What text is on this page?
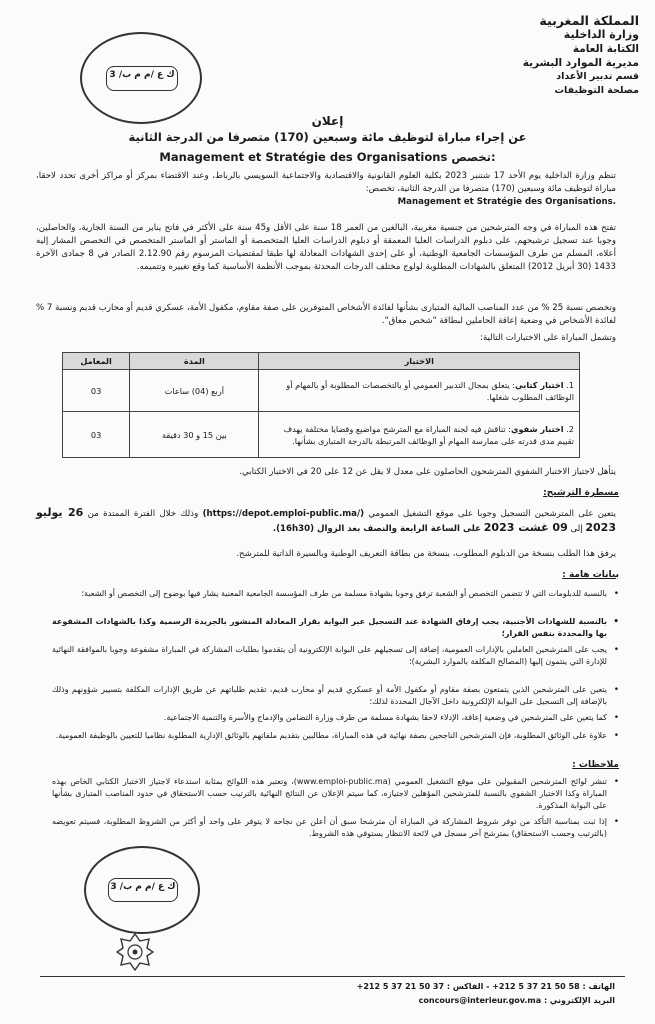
المملكة المغربية
وزارة الداخلية
الكتابة العامة
مديرية الموارد البشرية
قسم تدبير الأعداد
مصلحة التوظيفات
ك ع /م م ب/ 3
إعلان
عن إجراء مباراة لتوظيف مائة وسبعين (170) متصرفا من الدرجة الثانية
Management et Stratégie des Organisations تخصص:
تنظم وزارة الداخلية يوم الأحد 17 شتنبر 2023 بكلية العلوم القانونية والاقتصادية والاجتماعية السويسي بالرباط، وعند الاقتضاء بمركز أو مراكز أخرى تحدد لاحقا، مباراة لتوظيف مائة وسبعين (170) متصرفا من الدرجة الثانية، تخصص:
Management et Stratégie des Organisations.
تفتح هذه المباراة في وجه المترشحين من جنسية مغربية، البالغين من العمر 18 سنة على الأقل و45 سنة على الأكثر في فاتح يناير من السنة الجارية، والحاصلين، وجوبا عند تسجيل ترشيحهم، على دبلوم الدراسات العليا المعمقة أو دبلوم الدراسات العليا المتخصصة أو الماستر أو الماستر المتخصص في التخصص المشار إليه أعلاه، المسلم من طرف المؤسسات الجامعية الوطنية، أو على إحدى الشهادات المعادلة لها طبقا لمقتضيات المرسوم رقم 2.12.90 الصادر في 8 جمادى الآخرة 1433 (30 أبريل 2012) المتعلق بالشهادات المطلوبة لولوج مختلف الدرجات المحدثة بموجب الأنظمة الأساسية كما وقع تغييره وتتميمه.
وتخصص نسبة 25 % من عدد المناصب المالية المتبارى بشأنها لفائدة الأشخاص المتوفرين على صفة مقاوم، مكفول الأمة، عسكري قديم أو محارب قديم ونسبة 7 % لفائدة الأشخاص في وضعية إعاقة الحاملين لبطاقة "شخص معاق".
وتشمل المباراة على الاختبارات التالية:
الاختبار	المدة	المعامل
1. اختبار كتابي: يتعلق بمجال التدبير العمومي أو بالتخصصات المطلوبة أو بالمهام أو الوظائف المطلوب شغلها.	أربع (04) ساعات	03
2. اختبار شفوي: تناقش فيه لجنة المباراة مع المترشح مواضيع وقضايا مختلفة يهدف تقييم مدى قدرته على ممارسة المهام أو الوظائف المرتبطة بالدرجة المتبارى بشأنها.	بين 15 و 30 دقيقة	03
يتأهل لاجتياز الاختبار الشفوي المترشحون الحاصلون على معدل لا يقل عن 12 على 20 في الاختبار الكتابي.
مسطرة الترشيح:
يتعين على المترشحين التسجيل وجوبا على موقع التشغيل العمومي (https://depot.emploi-public.ma/) وذلك خلال الفترة الممتدة من 26 يوليو 2023 إلى 09 غشت 2023 على الساعة الرابعة والنصف بعد الزوال (16h30).
يرفق هذا الطلب بنسخة من الدبلوم المطلوب، بنسخة من بطاقة التعريف الوطنية وبالسيرة الذاتية للمترشح.
بيانات هامة :
• بالنسبة للدبلومات التي لا تتضمن التخصص أو الشعبة ترفق وجوبا بشهادة مسلمة من طرف المؤسسة الجامعية المعنية يشار فيها بوضوح إلى التخصص أو الشعبة؛
• بالنسبة للشهادات الأجنبية، يجب إرفاق الشهادة عند التسجيل عبر البوابة بقرار المعادلة المنشور بالجريدة الرسمية وكذا بالشهادات المشفوعة بها والمحددة بنفس القرار؛
• يجب على المترشحين العاملين بالإدارات العمومية، إضافة إلى تسجيلهم على البوابة الإلكترونية أن يتقدموا بطلبات المشاركة في المباراة مشفوعة وجوبا بالموافقة النهائية للإدارة التي ينتمون إليها (المصالح المكلفة بالموارد البشرية)؛
• يتعين على المترشحين الذين يتمتعون بصفة مقاوم أو مكفول الأمة أو عسكري قديم أو محارب قديم، تقديم طلباتهم عن طريق الإدارات المكلفة بتسيير شؤونهم وذلك بالإضافة إلى التسجيل على البوابة الإلكترونية داخل الآجال المحددة لذلك؛
• كما يتعين على المترشحين في وضعية إعاقة، الإدلاء لاحقا بشهادة مسلمة من طرف وزارة التضامن والإدماج والأسرة والتنمية الاجتماعية.
• علاوة على الوثائق المطلوبة، فإن المترشحين الناجحين بصفة نهائية في هذه المباراة، مطالبين بتقديم ملفاتهم بالوثائق الإدارية المطلوبة نظاميا للتعيين بالوظيفة العمومية.
ملاحظات :
• تنشر لوائح المترشحين المقبولين على موقع التشغيل العمومي (www.emploi-public.ma)، وتعتبر هذه اللوائح بمثابة استدعاء لاجتياز الاختبار الكتابي الخاص بهذه المباراة وكذا الاختبار الشفوي بالنسبة للمترشحين المؤهلين لاجتيازه، كما سيتم الإعلان عن النتائج النهائية بالترتيب حسب الاستحقاق في حدود المناصب المتبارى بشأنها على البوابة المذكورة.
• إذا ثبت بمناسبة التأكد من توفر شروط المشاركة في المباراة أن مترشحا سبق أن أعلن عن نجاحه لا يتوفر على واحد أو أكثر من الشروط المطلوبة، فسيتم تعويضه (بالترتيب وحسب الاستحقاق) بمترشح آخر مسجل في لائحة الانتظار يستوفي هذه الشروط.
ك ع /م م ب/ 3
الهاتف : +212 5 37 21 50 58 - الفاكس : +212 5 37 21 50 37
البريد الإلكتروني : concours@interieur.gov.ma
